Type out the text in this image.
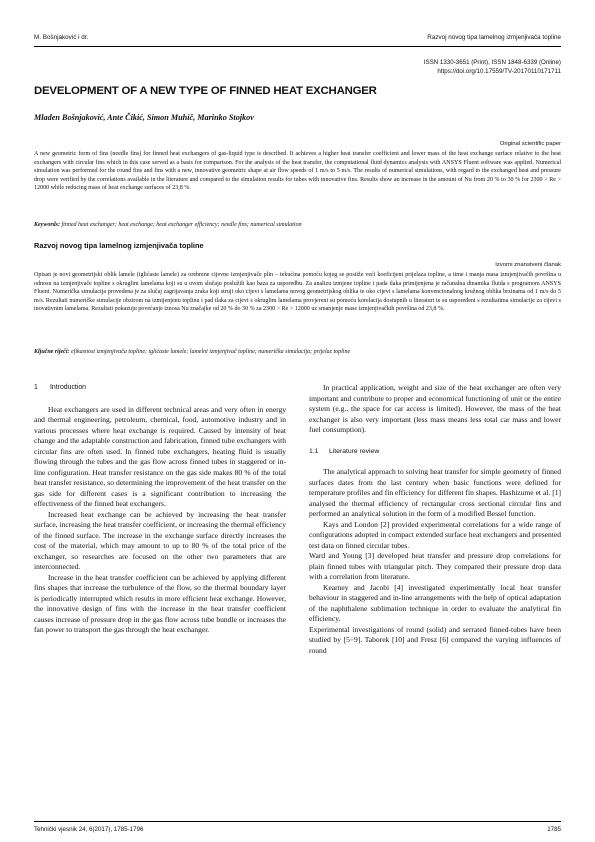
M. Bošnjaković i dr.	Razvoj novog tipa lamelnog izmjenjivača topline
ISSN 1330-3651 (Print), ISSN 1848-6339 (Online)
https://doi.org/10.17559/TV-20170110171711
DEVELOPMENT OF A NEW TYPE OF FINNED HEAT EXCHANGER
Mladen Bošnjaković, Ante Čikić, Simon Muhič, Marinko Stojkov
Original scientific paper
A new geometric form of fins (needle fins) for finned heat exchangers of gas-liquid type is described. It achieves a higher heat transfer coefficient and lower mass of the heat exchange surface relative to the heat exchangers with circular fins which in this case served as a basis for comparison. For the analysis of the heat transfer, the computational fluid dynamics analysis with ANSYS Fluent software was applied. Numerical simulation was performed for the round fins and fins with a new, innovative geometric shape at air flow speeds of 1 m/s to 5 m/s. The results of numerical simulations, with regard to the exchanged heat and pressure drop were verified by the correlations available in the literature and compared to the simulation results for tubes with innovative fins. Results show an increase in the amount of Nu from 20 % to 30 % for 2300 > Re > 12000 while reducing mass of heat exchange surfaces of 23,8 %.
Keywords: finned heat exchanger; heat exchange; heat exchanger efficiency; needle fins; numerical simulation
Razvoj novog tipa lamelnog izmjenjivača topline
Izvorni znanstveni članak
Opisan je novi geometrijski oblik lamele (iglićaste lamele) za orebrene cijevne izmjenjivače plin – tekućina pomoću kojeg se postiže veći koeficijent prijelaza topline, a time i manja masa izmjenjivačih površina u odnosu na izmjenjivače topline s okruglim lamelama koji su u ovom slučaju poslužili kao baza za usporedbu. Za analizu izmjene topline i pada tlaka primijenjena je računalna dinamika fluida s programom ANSYS Fluent. Numerička simulacija provedena je za slučaj zagrijavanja zraka koji struji oko cijevi s lamelama novog geometrijskog oblika te oko cijevi s lamelama konvencionalnog kružnog oblika brzinama od 1 m/s do 5 m/s. Rezultati numeričke simulacije obzirom na izmijenjenu toplinu i pad tlaka za cijevi s okruglim lamelama provjereni su pomoću korelacija dostupnih u literaturi te su uspoređeni s rezultatima simulacije za cijevi s inovativnim lamelama. Rezultati pokazuju povećanje iznosa Nu značajke od 20 % do 30 % za 2300 > Re > 12000 uz smanjenje mase izmjenjivačkih površina od 23,8 %.
Ključne riječi: efikasnost izmjenjivača topline; iglićaste lamele; lamelni izmjenjivač topline; numerička simulacija; prijelaz topline
1 Introduction

Heat exchangers are used in different technical areas and very often in energy and thermal engineering, petroleum, chemical, food, automotive industry and in various processes where heat exchange is required. Caused by intensity of heat change and the adaptable construction and fabrication, finned tube exchangers with circular fins are often used. In finned tube exchangers, heating fluid is usually flowing through the tubes and the gas flow across finned tubes in staggered or in-line configuration. Heat transfer resistance on the gas side makes 80 % of the total heat transfer resistance, so determining the improvement of the heat transfer on the gas side for different cases is a significant contribution to increasing the effectiveness of the finned heat exchangers.

Increased heat exchange can be achieved by increasing the heat transfer surface, increasing the heat transfer coefficient, or increasing the thermal efficiency of the finned surface. The increase in the exchange surface directly increases the cost of the material, which may amount to up to 80 % of the total price of the exchanger, so researches are focused on the other two parameters that are interconnected.

Increase in the heat transfer coefficient can be achieved by applying different fins shapes that increase the turbulence of the flow, so the thermal boundary layer is periodically interrupted which results in more efficient heat exchange. However, the innovative design of fins with the increase in the heat transfer coefficient causes increase of pressure drop in the gas flow across tube bundle or increases the fan power to transport the gas through the heat exchanger.

In practical application, weight and size of the heat exchanger are often very important and contribute to proper and economical functioning of unit or the entire system (e.g., the space for car access is limited). However, the mass of the heat exchanger is also very important (less mass means less total car mass and lower fuel consumption).

1.1 Literature review

The analytical approach to solving heat transfer for simple geometry of finned surfaces dates from the last century when basic functions were defined for temperature profiles and fin efficiency for different fin shapes. Hashizume et al. [1] analysed the thermal efficiency of rectangular cross sectional circular fins and performed an analytical solution in the form of a modified Bessel function.

Kays and London [2] provided experimental correlations for a wide range of configurations adopted in compact extended surface heat exchangers and presented test data on finned circular tubes.

Ward and Young [3] developed heat transfer and pressure drop correlations for plain finned tubes with triangular pitch. They compared their pressure drop data with a correlation from literature.

Kearney and Jacobi [4] investigated experimentally local heat transfer behaviour in staggered and in-line arrangements with the help of optical adaptation of the naphthalene sublimation technique in order to evaluate the analytical fin efficiency.

Experimental investigations of round (solid) and serrated finned-tubes have been studied by [5÷9]. Taborek [10] and Fresz [6] compared the varying influences of round

Tehnički vjesnik 24, 6(2017), 1785-1796	1785
